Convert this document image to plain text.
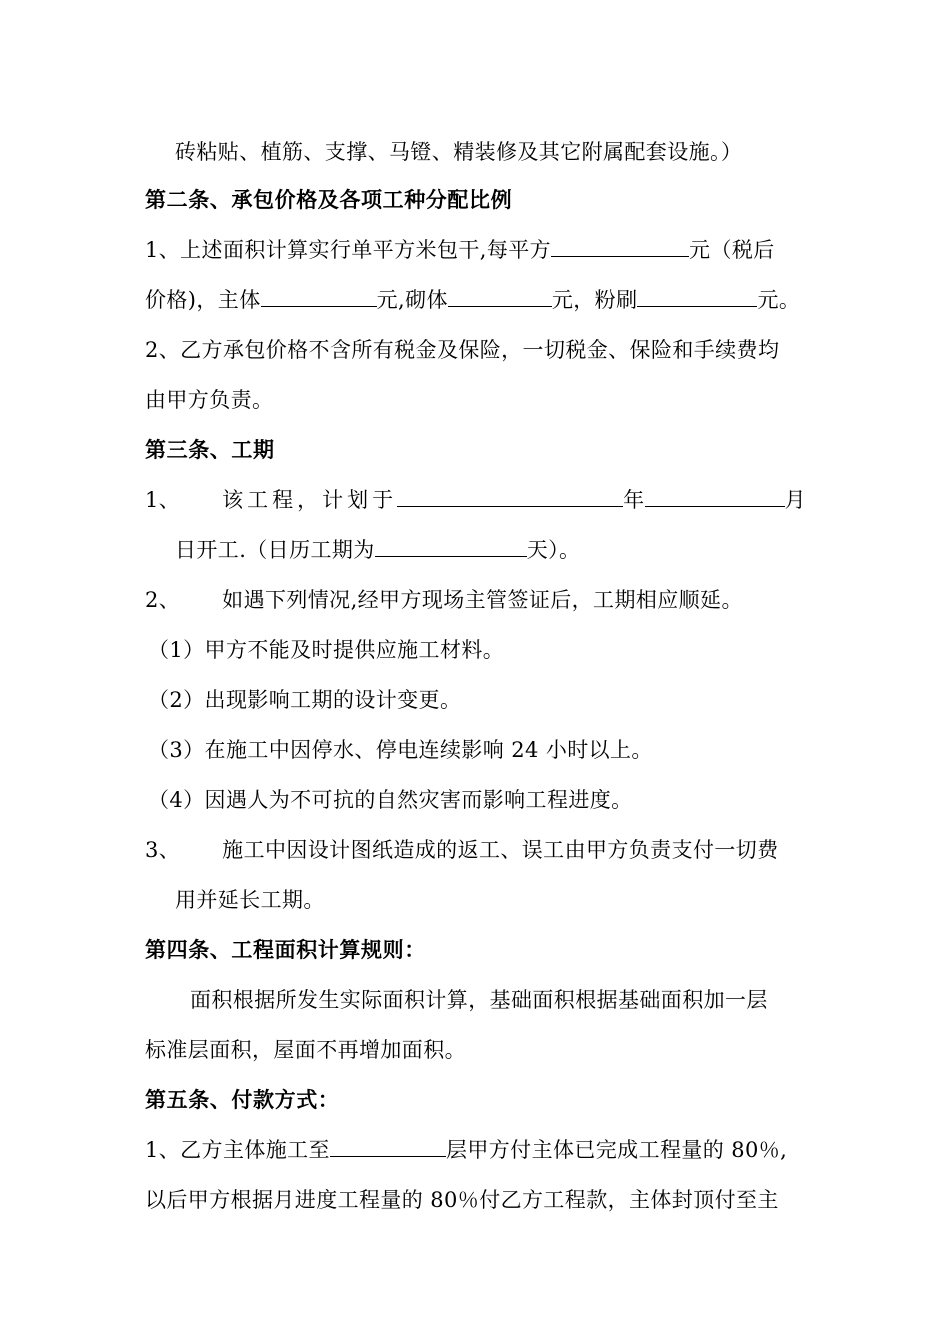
砖粘贴、植筋、支撑、马镫、精装修及其它附属配套设施。）
第二条、承包价格及各项工种分配比例
1、上述面积计算实行单平方米包干,每平方	元（税后
价格)，主体	元,砌体	元，粉刷	元。
2、乙方承包价格不含所有税金及保险，一切税金、保险和手续费均
由甲方负责。
第三条、工期
1、 该工程，计划于	年	月
日开工.（日历工期为	天）。
2、 如遇下列情况,经甲方现场主管签证后，工期相应顺延。
（1）甲方不能及时提供应施工材料。
（2）出现影响工期的设计变更。
（3）在施工中因停水、停电连续影响 24 小时以上。
（4）因遇人为不可抗的自然灾害而影响工程进度。
3、 施工中因设计图纸造成的返工、误工由甲方负责支付一切费
用并延长工期。
第四条、工程面积计算规则：
面积根据所发生实际面积计算，基础面积根据基础面积加一层
标准层面积，屋面不再增加面积。
第五条、付款方式：
1、乙方主体施工至	层甲方付主体已完成工程量的 80％,
以后甲方根据月进度工程量的 80％付乙方工程款，主体封顶付至主
